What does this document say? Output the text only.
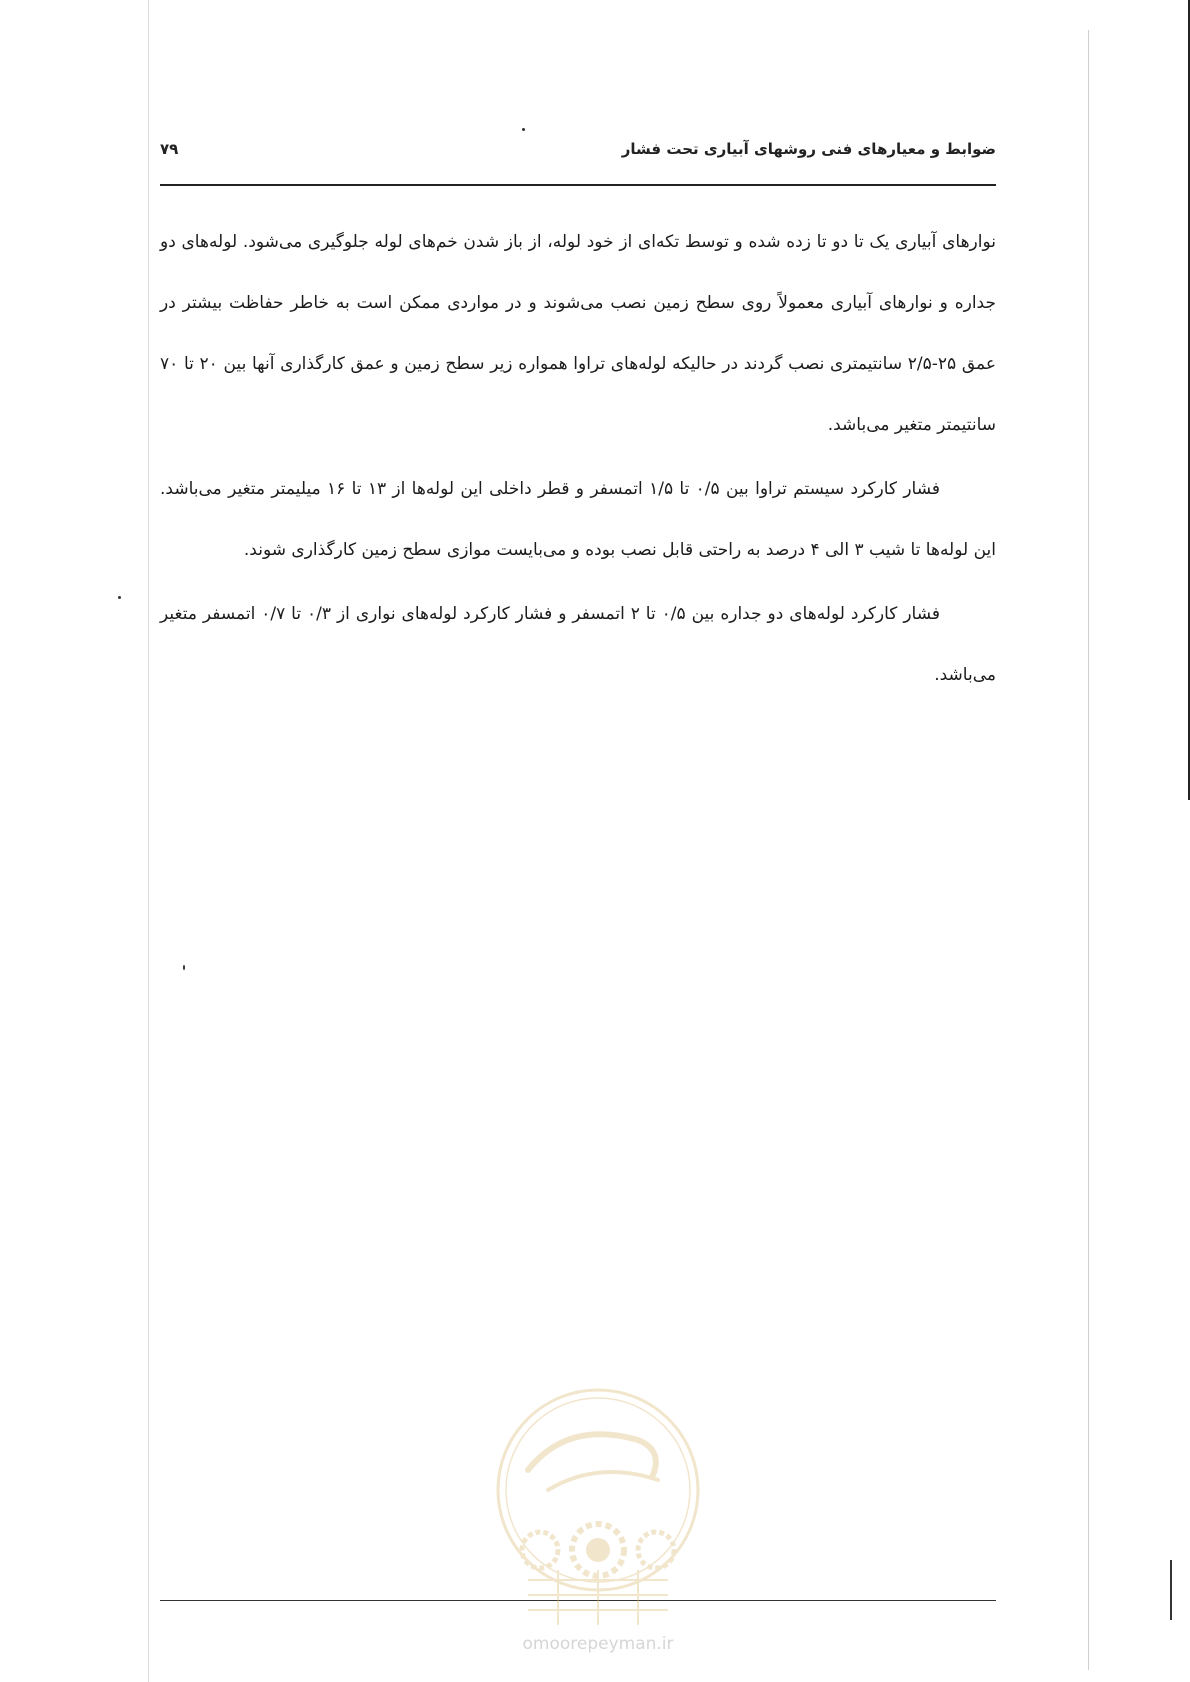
ضوابط و معیارهای فنی روشهای آبیاری تحت فشار
۷۹

نوارهای آبیاری یک تا دو تا زده شده و توسط تکه‌ای از خود لوله، از باز شدن خم‌های لوله جلوگیری می‌شود. لوله‌های دو جداره و نوارهای آبیاری معمولاً روی سطح زمین نصب می‌شوند و در مواردی ممکن است به خاطر حفاظت بیشتر در عمق ۲۵-۲/۵ سانتیمتری نصب گردند در حالیکه لوله‌های تراوا همواره زیر سطح زمین و عمق کارگذاری آنها بین ۲۰ تا ۷۰ سانتیمتر متغیر می‌باشد.

فشار کارکرد سیستم تراوا بین ۰/۵ تا ۱/۵ اتمسفر و قطر داخلی این لوله‌ها از ۱۳ تا ۱۶ میلیمتر متغیر می‌باشد. این لوله‌ها تا شیب ۳ الی ۴ درصد به راحتی قابل نصب بوده و می‌بایست موازی سطح زمین کارگذاری شوند.

فشار کارکرد لوله‌های دو جداره بین ۰/۵ تا ۲ اتمسفر و فشار کارکرد لوله‌های نواری از ۰/۳ تا ۰/۷ اتمسفر متغیر می‌باشد.

omoorepeyman.ir
